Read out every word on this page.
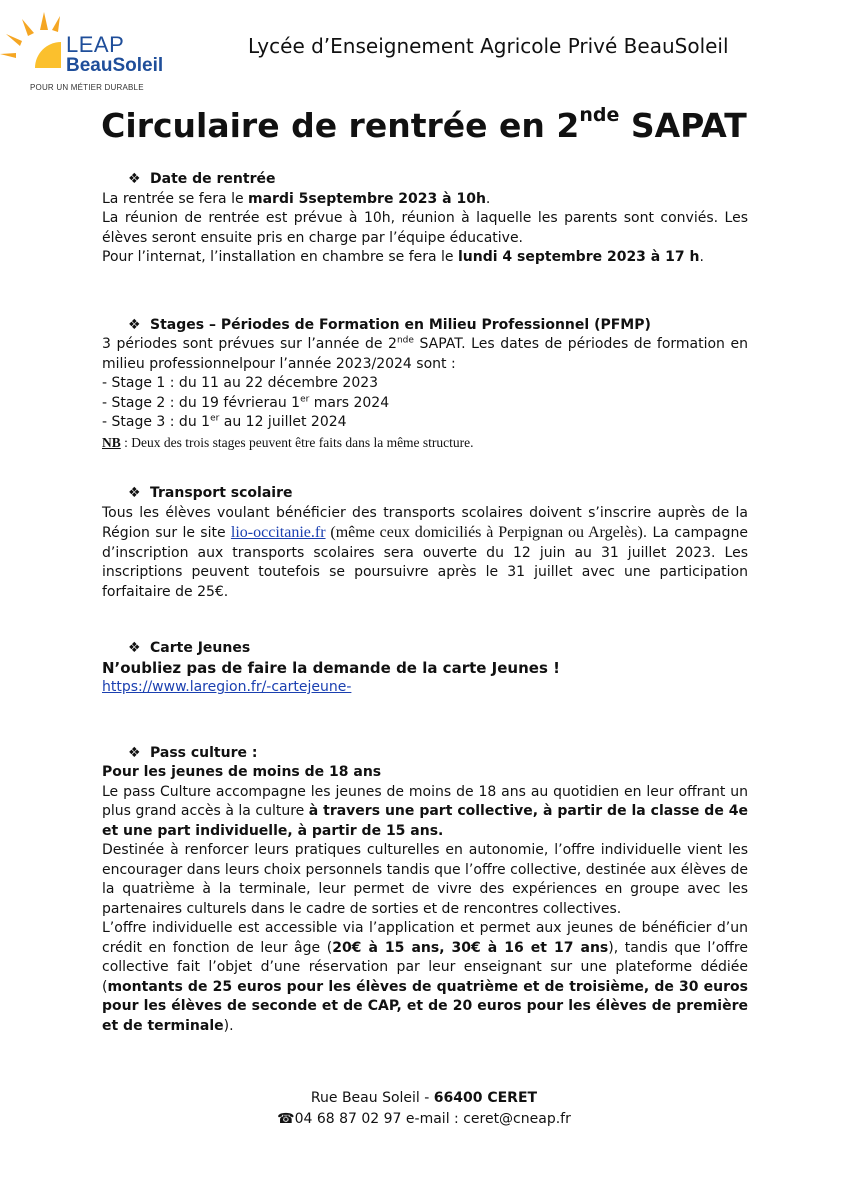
LEAP
BeauSoleil
POUR UN MÉTIER DURABLE
Lycée d’Enseignement Agricole Privé BeauSoleil
Circulaire de rentrée en 2nde SAPAT
❖ Date de rentrée

La rentrée se fera le mardi 5septembre 2023 à 10h.

La réunion de rentrée est prévue à 10h, réunion à laquelle les parents sont conviés. Les élèves seront ensuite pris en charge par l’équipe éducative.

Pour l’internat, l’installation en chambre se fera le lundi 4 septembre 2023 à 17 h.

❖ Stages – Périodes de Formation en Milieu Professionnel (PFMP)

3 périodes sont prévues sur l’année de 2nde SAPAT. Les dates de périodes de formation en milieu professionnelpour l’année 2023/2024 sont :

- Stage 1 : du 11 au 22 décembre 2023

- Stage 2 : du 19 févrierau 1er mars 2024

- Stage 3 : du 1er au 12 juillet 2024

NB : Deux des trois stages peuvent être faits dans la même structure.

❖ Transport scolaire

Tous les élèves voulant bénéficier des transports scolaires doivent s’inscrire auprès de la Région sur le site lio-occitanie.fr (même ceux domiciliés à Perpignan ou Argelès). La campagne d’inscription aux transports scolaires sera ouverte du 12 juin au 31 juillet 2023. Les inscriptions peuvent toutefois se poursuivre après le 31 juillet avec une participation forfaitaire de 25€.

❖ Carte Jeunes

N’oubliez pas de faire la demande de la carte Jeunes !

https://www.laregion.fr/-cartejeune-

❖ Pass culture :

Pour les jeunes de moins de 18 ans

Le pass Culture accompagne les jeunes de moins de 18 ans au quotidien en leur offrant un plus grand accès à la culture à travers une part collective, à partir de la classe de 4e et une part individuelle, à partir de 15 ans.

Destinée à renforcer leurs pratiques culturelles en autonomie, l’offre individuelle vient les encourager dans leurs choix personnels tandis que l’offre collective, destinée aux élèves de la quatrième à la terminale, leur permet de vivre des expériences en groupe avec les partenaires culturels dans le cadre de sorties et de rencontres collectives.

L’offre individuelle est accessible via l’application et permet aux jeunes de bénéficier d’un crédit en fonction de leur âge (20€ à 15 ans, 30€ à 16 et 17 ans), tandis que l’offre collective fait l’objet d’une réservation par leur enseignant sur une plateforme dédiée (montants de 25 euros pour les élèves de quatrième et de troisième, de 30 euros pour les élèves de seconde et de CAP, et de 20 euros pour les élèves de première et de terminale).

Rue Beau Soleil - 66400 CERET
☎04 68 87 02 97 e-mail : ceret@cneap.fr
